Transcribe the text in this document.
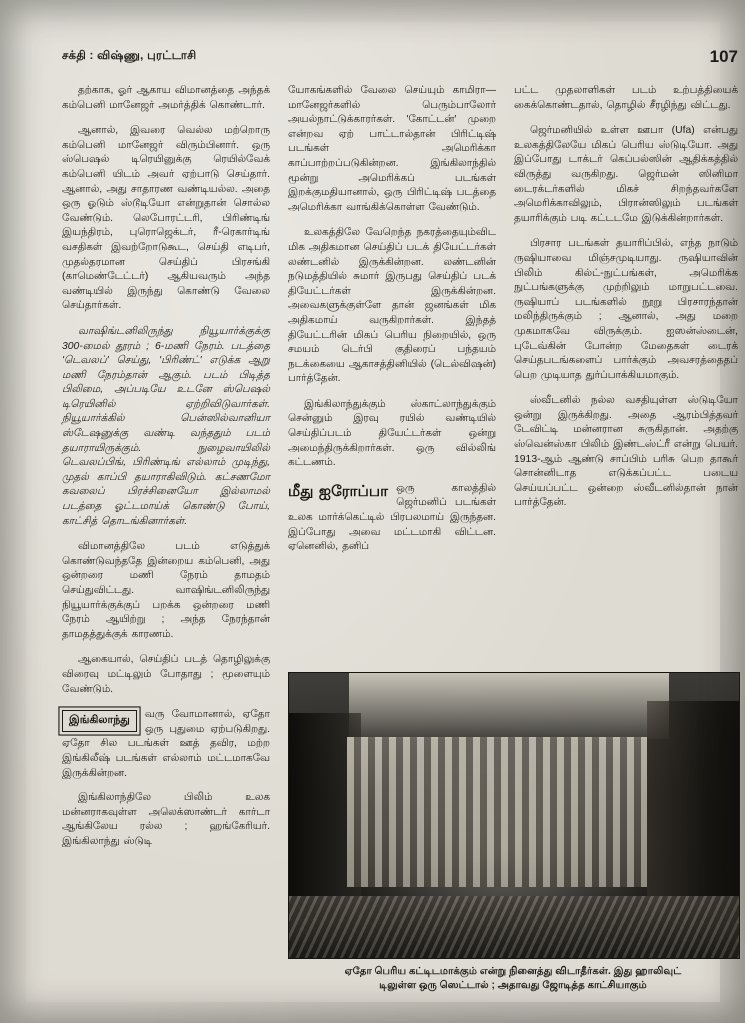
சக்தி : விஷ்ணு, புரட்டாசி	107

தற்காக, ஓர் ஆகாய விமானத்தை அந்தக் கம்பெனி மானேஜர் அமர்த்திக் கொண்டார்.

ஆனால், இவரை வெல்ல மற்றொரு கம்பெனி மானேஜர் விரும்பினார். ஒரு ஸ்பெஷல் டிரெயினுக்கு ரெயில்வேக் கம்பெனி யிடம் அவர் ஏற்பாடு செய்தார். ஆனால், அது சாதாரண வண்டியல்ல. அதை ஒரு ஓடும் ஸ்டூடியோ என்றுதான் சொல்ல வேண்டும். லெபோரட்டரி, பிரிண்டிங் இயந்திரம், புரொஜெக்டர், ரீ-ரெகார்டிங் வசதிகள் இவற்றோடுகூட, செய்தி எடிபர், முதல்தரமான செய்திப் பிரசங்கி (காமெண்டேட்டர்) ஆகியவரும் அந்த வண்டியில் இருந்து கொண்டு வேலை செய்தார்கள்.

வாஷிங்டனிலிருந்து நியூயார்க்குக்கு 300-மைல் தூரம் ; 6-மணி நேரம். படத்தை 'டெவலப்' செய்து, 'பிரிண்ட்' எடுக்க ஆறு மணி நேரம்தான் ஆகும். படம் பிடித்த பிலிமை, அப்படியே உடனே ஸ்பெஷல் டிரெயினில் ஏற்றிவிடுவார்கள். நியூயார்க்கில் பென்ஸில்வானியா ஸ்டேஷனுக்கு வண்டி வந்ததும் படம் தயாராயிருக்கும். நுழைவாயிலில் டெவலப்பிங், பிரிண்டிங் எல்லாம் முடிந்து, முதல் காப்பி தயாராகிவிடும். கட்சணமோ கவலைப் பிரச்சினையோ இல்லாமல் படத்தை ஓட்டமாய்க் கொண்டு போய், காட்சித் தொடங்கினார்கள்.

விமானத்திலே படம் எடுத்துக் கொண்டுவந்ததே இன்றைய கம்பெனி, அது ஒன்றரை மணி நேரம் தாமதம் செய்துவிட்டது. வாஷிங்டனிலிருந்து நியூயார்க்குக்குப் பறக்க ஒன்றரை மணி நேரம் ஆயிற்று ; அந்த நேரந்தான் தாமதத்துக்குக் காரணம்.

ஆகையால், செய்திப் படத் தொழிலுக்கு விரைவு மட்டிலும் போதாது ; மூளையும் வேண்டும்.

இங்கிலாந்து	வரு வோமானால், ஏதோ ஒரு புதுமை ஏற்படுகிறது. ஏதோ சில படங்கள் ஊத் தவிர, மற்ற இங்கிலீஷ் படங்கள் எல்லாம் மட்டமாகவே இருக்கின்றன.

இங்கிலாந்திலே பிலிம் உலக மன்னராகவுள்ள அலெக்ஸாண்டர் கார்டா ஆங்கிலேய ரல்ல ; ஹங்கேரியர். இங்கிலாந்து ஸ்டுடி

யோகங்களில் வேலை செய்யும் காமிரா—மானேஜர்களில் பெரும்பாலோர் அயல்நாட்டுக்காரர்கள். 'கோட்டன்' முறை என்றவ ஏற் பாட்டால்தான் பிரிட்டிஷ் படங்கள் அமெரிக்கா காப்பாற்றப்படுகின்றன. இங்கிலாந்தில் மூன்று அமெரிக்கப் படங்கள் இறக்குமதியானால், ஒரு பிரிட்டிஷ் படத்தை அமெரிக்கா வாங்கிக்கொள்ள வேண்டும்.

உலகத்திலே வேறெந்த நகரத்தையும்விட மிக அதிகமான செய்திப் படக் தியேட்டர்கள் லண்டனில் இருக்கின்றன. லண்டனின் நடுமத்தியில் சுமார் இருபது செய்திப் படக் தியேட்டர்கள் இருக்கின்றன. அவைகளுக்குள்ளே தான் ஜனங்கள் மிக அதிகமாய் வருகிறார்கள். இந்தத் தியேட்டரின் மிகப் பெரிய நிறையில், ஒரு சமயம் டெர்பி குதிரைப் பந்தயம் நடக்கையை ஆகாசத்தினியில் (டெல்விஷன்) பார்த்தேன்.

இங்கிலாந்துக்கும் ஸ்காட்லாந்துக்கும் சென்னும் இரவு ரயில் வண்டியில் செய்திப்படம் தியேட்டர்கள் ஒன்று அமைந்திருக்கிறார்கள். ஒரு வில்லிங் கட்டணம்.

மீது ஐரோப்பா ஒரு காலத்தில் ஜெர்மனிப் படங்கள் உலக மார்க்கெட்டில் பிரபலமாய் இருந்தன. இப்போது அவை மட்டமாகி விட்டன. ஏனெனில், தனிப்

பட்ட முதலாளிகள் படம் உற்பத்தியைக் கைக்கொண்டதால், தொழில் சீரழிந்து விட்டது.

ஜெர்மனியில் உள்ள ஊபா (Ufa) என்பது உலகத்திலேயே மிகப் பெரிய ஸ்டுடியோ. அது இப்போது டாக்டர் கெப்பல்ஸின் ஆதிக்கத்தில் விருத்து வருகிறது. ஜெர்மன் ஸினிமா டைரக்டர்களில் மிகச் சிறந்தவர்களே அமெரிக்காவிலும், பிரான்ஸிலும் படங்கள் தயாரிக்கும் படி கட்டடமே இடுக்கின்றார்கள்.

பிரசார படங்கள் தயாரிப்பில், எந்த நாடும் ருஷியாவை மிஞ்சமுடியாது. ருஷியாவின் பிலிம் கில்ட்-நுட்பங்கள், அமெரிக்க நுட்பங்களுக்கு முற்றிலும் மாறுபட்டவை. ருஷியாப் படங்களில் நூறு பிரசாரந்தான் மலிந்திருக்கும் ; ஆனால், அது மறை முகமாகவே விருக்கும். ஐஸன்ஸ்டைன், புடேவ்கின் போன்ற மேதைகள் டைரக் செய்தபடங்களைப் பார்க்கும் அவசரத்தைதப் பெற முடியாத துர்ப்பாக்கியமாகும்.

ஸ்வீடனில் நல்ல வசதியுள்ள ஸ்டுடியோ ஒன்று இருக்கிறது. அதை ஆரம்பித்தவர் டேவிட்டி மன்னரான சுருகிதான். அதற்கு ஸ்வென்ஸ்கா பிலிம் இண்டஸ்ட்ரீ என்று பெயர். 1913-ஆம் ஆண்டு சாப்பிம் பரிசு பெற தாகூர் சொன்னிடாத எடுக்கப்பட்ட படைய செய்யப்பட்ட ஒன்றை ஸ்வீடனில்தான் நான் பார்த்தேன்.

ஏதோ பெரிய கட்டிடமாக்கும் என்று நினைத்து விடாதீர்கள். இது ஹாலிவுட்
டிலுள்ள ஒரு ஸெட்டால் ; அதாவது ஜோடித்த காட்சியாகும்
